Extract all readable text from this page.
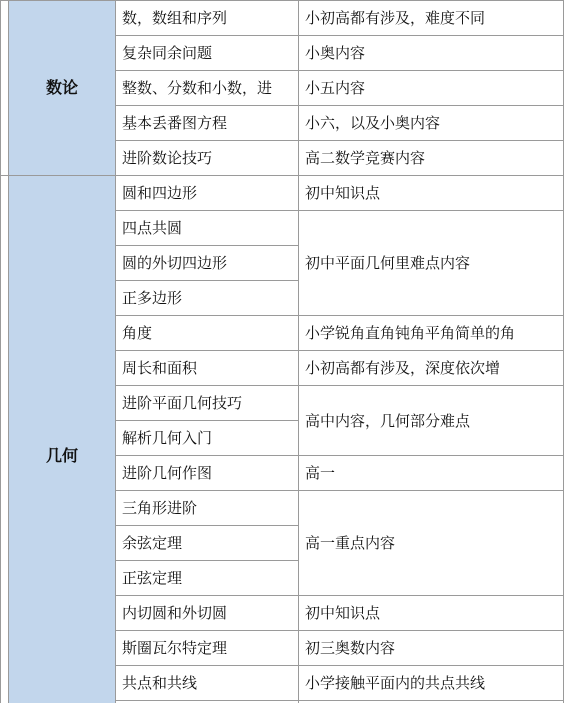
	数论	数，数组和序列	小初高都有涉及，难度不同
		复杂同余问题	小奥内容
		整数、分数和小数，进	小五内容
		基本丢番图方程	小六，以及小奥内容
		进阶数论技巧	高二数学竞赛内容
	几何	圆和四边形	初中知识点
		四点共圆	初中平面几何里难点内容
		圆的外切四边形	
		正多边形	
		角度	小学锐角直角钝角平角简单的角
		周长和面积	小初高都有涉及，深度依次增
		进阶平面几何技巧	高中内容，几何部分难点
		解析几何入门	
		进阶几何作图	高一
		三角形进阶	高一重点内容
		余弦定理	
		正弦定理	
		内切圆和外切圆	初中知识点
		斯圈瓦尔特定理	初三奥数内容
		共点和共线	小学接触平面内的共点共线
